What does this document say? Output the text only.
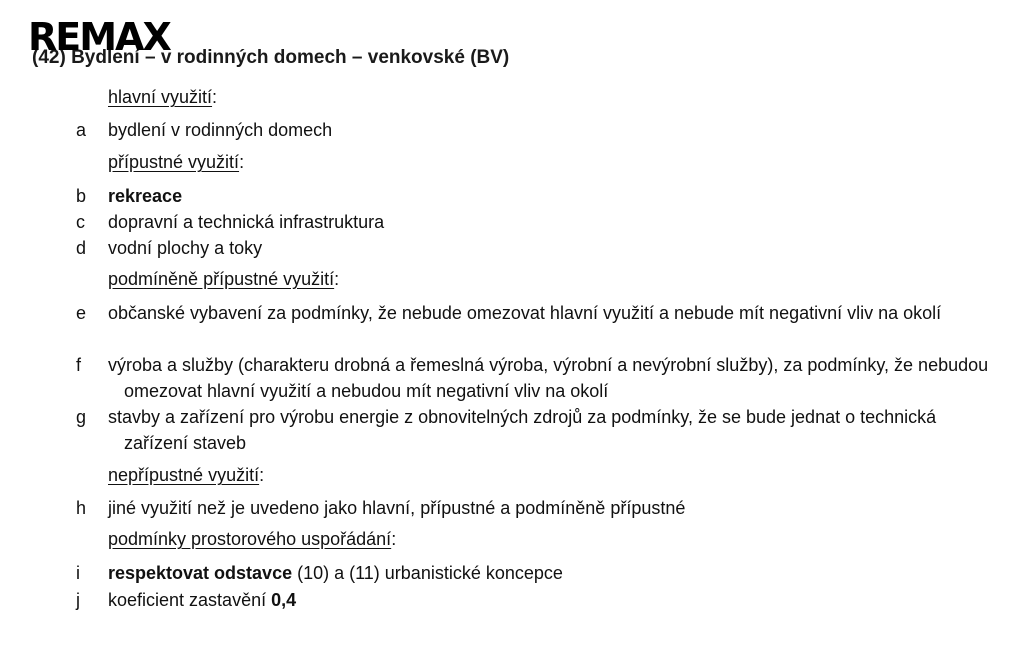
REMAX
(42) Bydlení – v rodinných domech – venkovské (BV)
hlavní využití:
a	bydlení v rodinných domech
přípustné využití:
b	rekreace
c	dopravní a technická infrastruktura
d	vodní plochy a toky
podmíněně přípustné využití:
e	občanské vybavení za podmínky, že nebude omezovat hlavní využití a nebude mít negativní vliv na okolí
f	výroba a služby (charakteru drobná a řemeslná výroba, výrobní a nevýrobní služby), za podmínky, že nebudou omezovat hlavní využití a nebudou mít negativní vliv na okolí
g	stavby a zařízení pro výrobu energie z obnovitelných zdrojů za podmínky, že se bude jednat o technická zařízení staveb
nepřípustné využití:
h	jiné využití než je uvedeno jako hlavní, přípustné a podmíněně přípustné
podmínky prostorového uspořádání:
i	respektovat odstavce (10) a (11) urbanistické koncepce
j	koeficient zastavění 0,4
